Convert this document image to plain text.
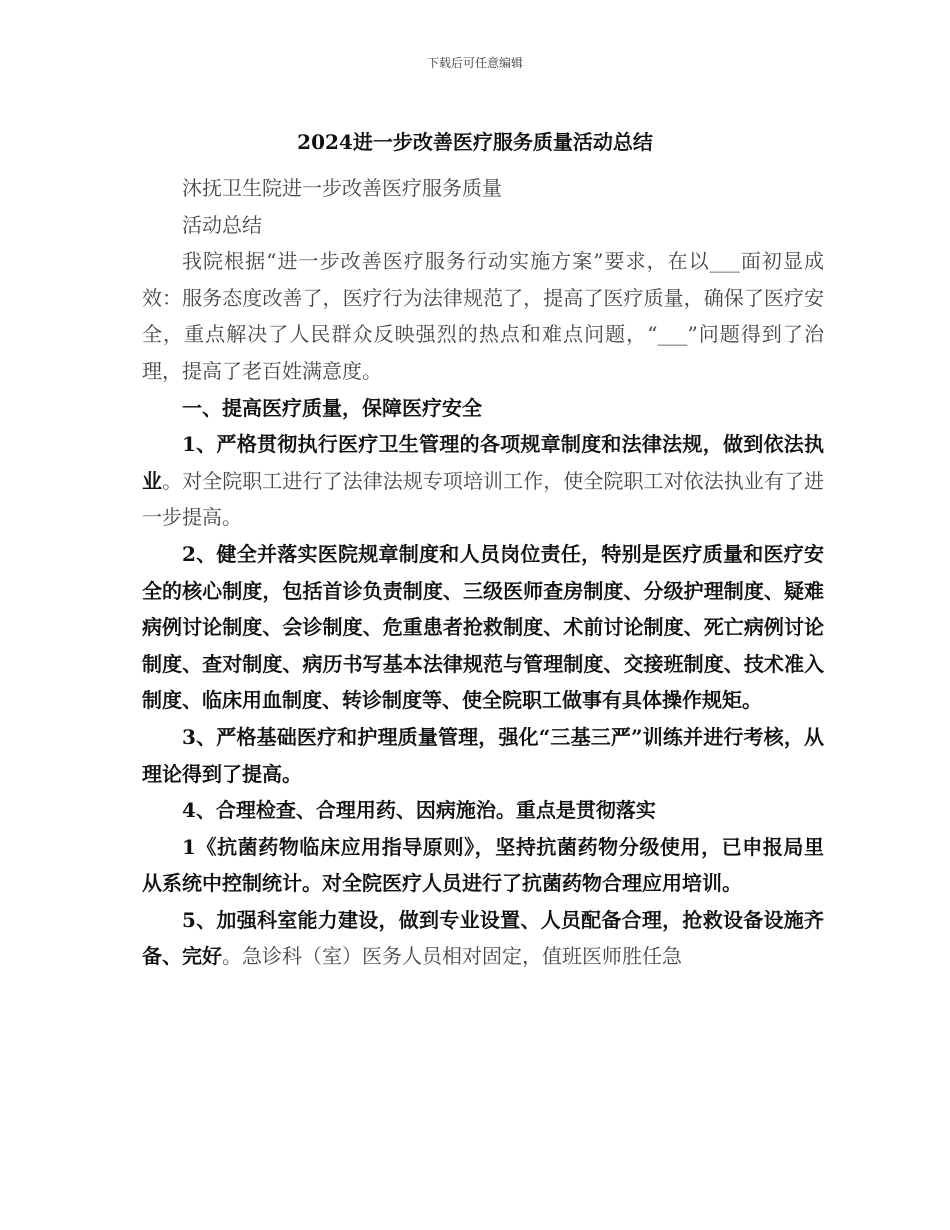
下载后可任意编辑
2024进一步改善医疗服务质量活动总结

沐抚卫生院进一步改善医疗服务质量

活动总结

我院根据“进一步改善医疗服务行动实施方案”要求，在以___面初显成效：服务态度改善了，医疗行为法律规范了，提高了医疗质量，确保了医疗安全，重点解决了人民群众反映强烈的热点和难点问题，“___”问题得到了治理，提高了老百姓满意度。

一、提高医疗质量，保障医疗安全

1、严格贯彻执行医疗卫生管理的各项规章制度和法律法规，做到依法执业。对全院职工进行了法律法规专项培训工作，使全院职工对依法执业有了进一步提高。

2、健全并落实医院规章制度和人员岗位责任，特别是医疗质量和医疗安全的核心制度，包括首诊负责制度、三级医师查房制度、分级护理制度、疑难病例讨论制度、会诊制度、危重患者抢救制度、术前讨论制度、死亡病例讨论制度、查对制度、病历书写基本法律规范与管理制度、交接班制度、技术准入制度、临床用血制度、转诊制度等、使全院职工做事有具体操作规矩。

3、严格基础医疗和护理质量管理，强化“三基三严”训练并进行考核，从理论得到了提高。

4、合理检查、合理用药、因病施治。重点是贯彻落实

1《抗菌药物临床应用指导原则》，坚持抗菌药物分级使用，已申报局里从系统中控制统计。对全院医疗人员进行了抗菌药物合理应用培训。

5、加强科室能力建设，做到专业设置、人员配备合理，抢救设备设施齐备、完好。急诊科（室）医务人员相对固定，值班医师胜任急
